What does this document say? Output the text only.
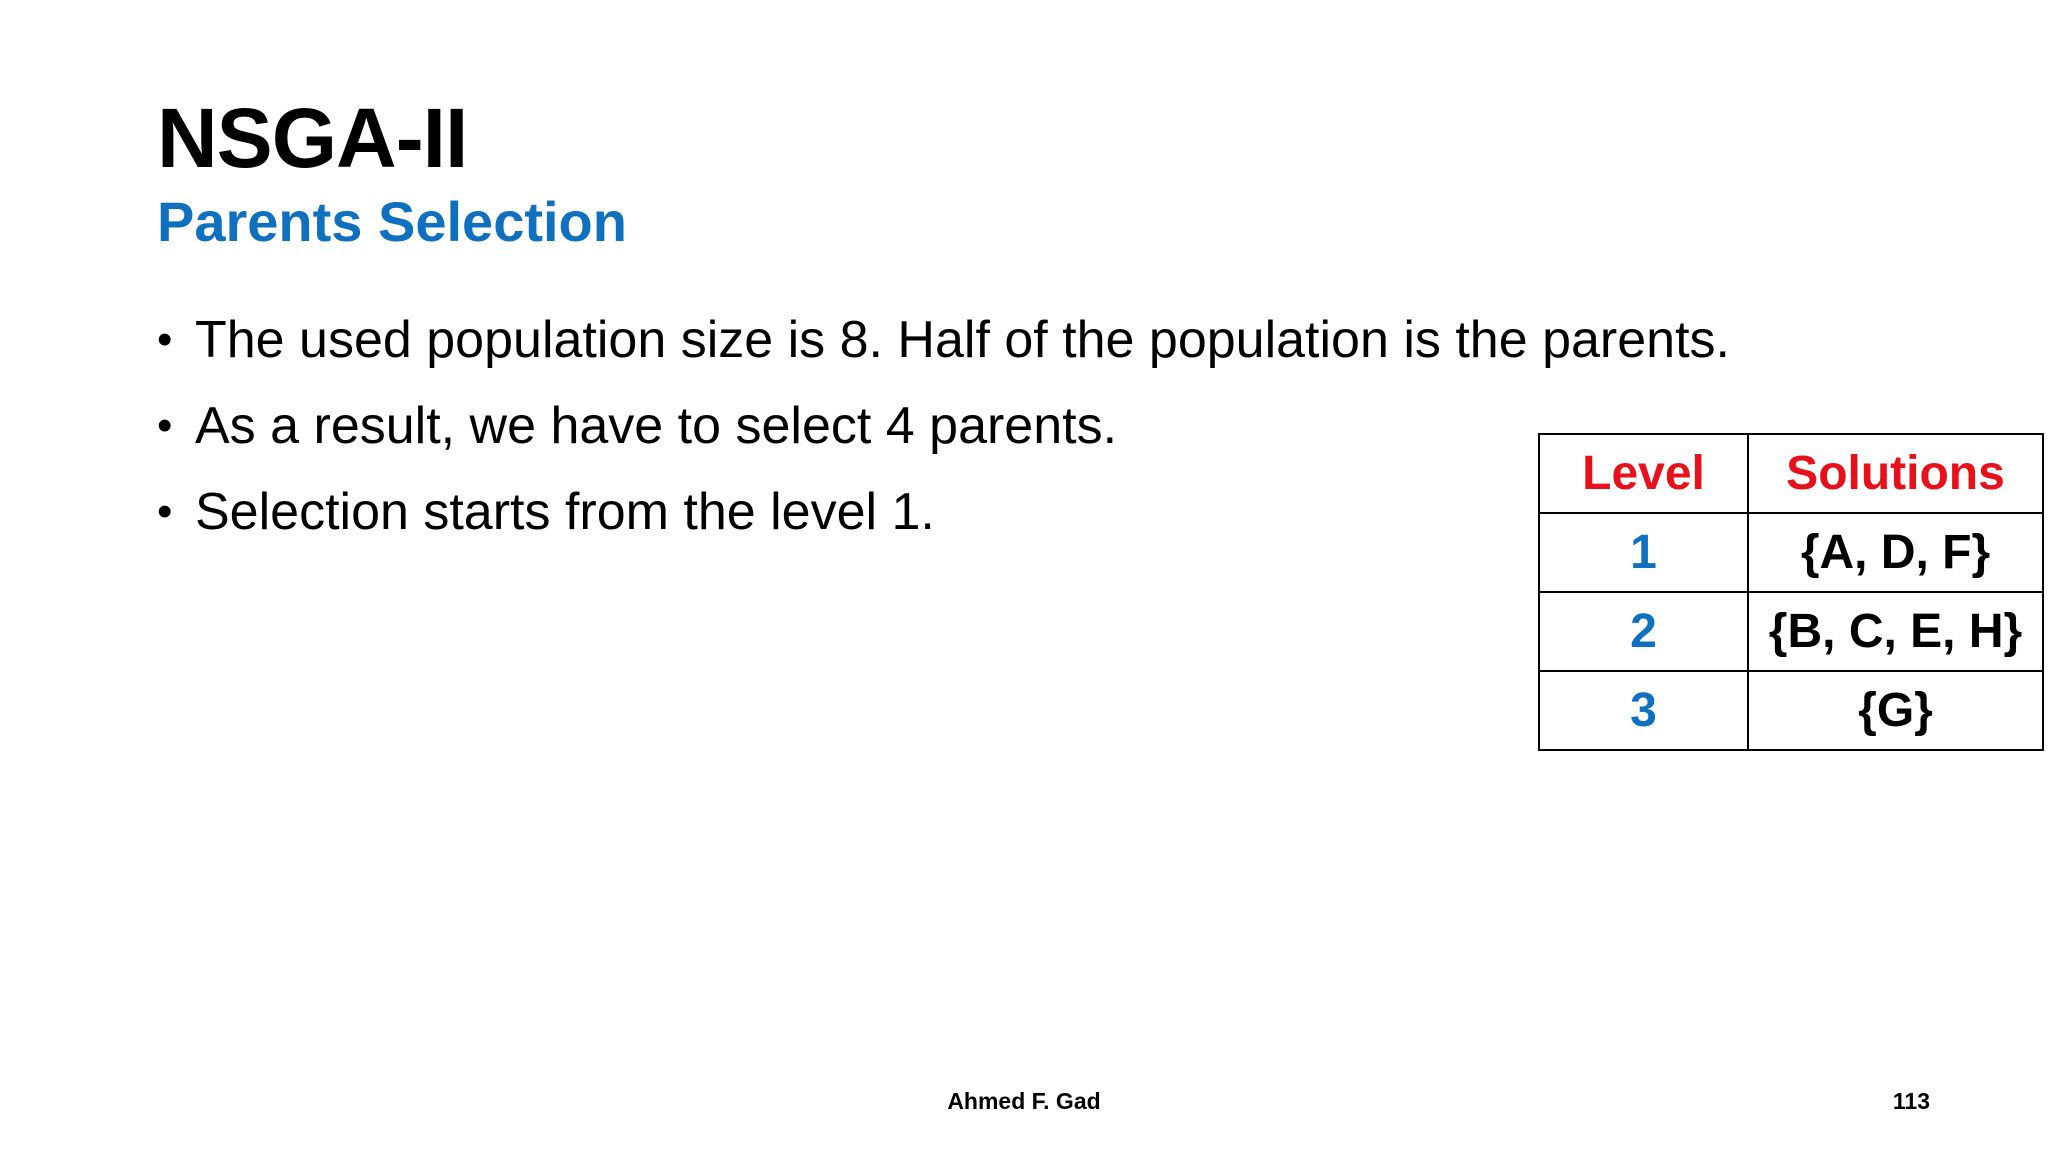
NSGA-II
Parents Selection
• The used population size is 8. Half of the population is the parents.
• As a result, we have to select 4 parents.
• Selection starts from the level 1.
Level	Solutions
1	{A, D, F}
2	{B, C, E, H}
3	{G}
Ahmed F. Gad	113
